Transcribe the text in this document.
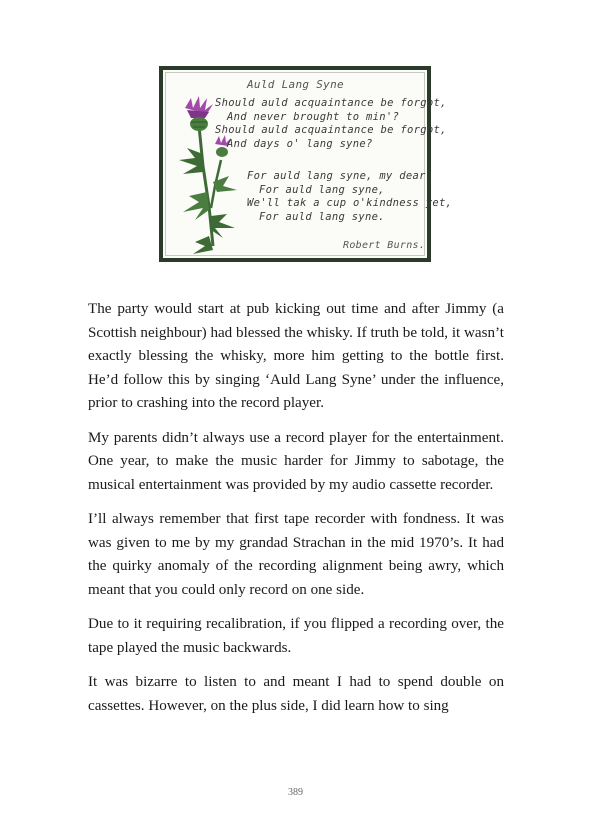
Auld Lang Syne
Should auld acquaintance be forgot,
And never brought to min'?
Should auld acquaintance be forgot,
And days o' lang syne?
For auld lang syne, my dear,
For auld lang syne,
We'll tak a cup o'kindness yet,
For auld lang syne.
Robert Burns.

The party would start at pub kicking out time and after Jimmy (a Scottish neighbour) had blessed the whisky. If truth be told, it wasn’t exactly blessing the whisky, more him getting to the bottle first. He’d follow this by singing ‘Auld Lang Syne’ under the influence, prior to crashing into the record player.

My parents didn’t always use a record player for the entertainment. One year, to make the music harder for Jimmy to sabotage, the musical entertainment was provided by my audio cassette recorder.

I’ll always remember that first tape recorder with fondness. It was was given to me by my grandad Strachan in the mid 1970’s. It had the quirky anomaly of the recording alignment being awry, which meant that you could only record on one side.

Due to it requiring recalibration, if you flipped a recording over, the tape played the music backwards.

It was bizarre to listen to and meant I had to spend double on cassettes. However, on the plus side, I did learn how to sing

389
